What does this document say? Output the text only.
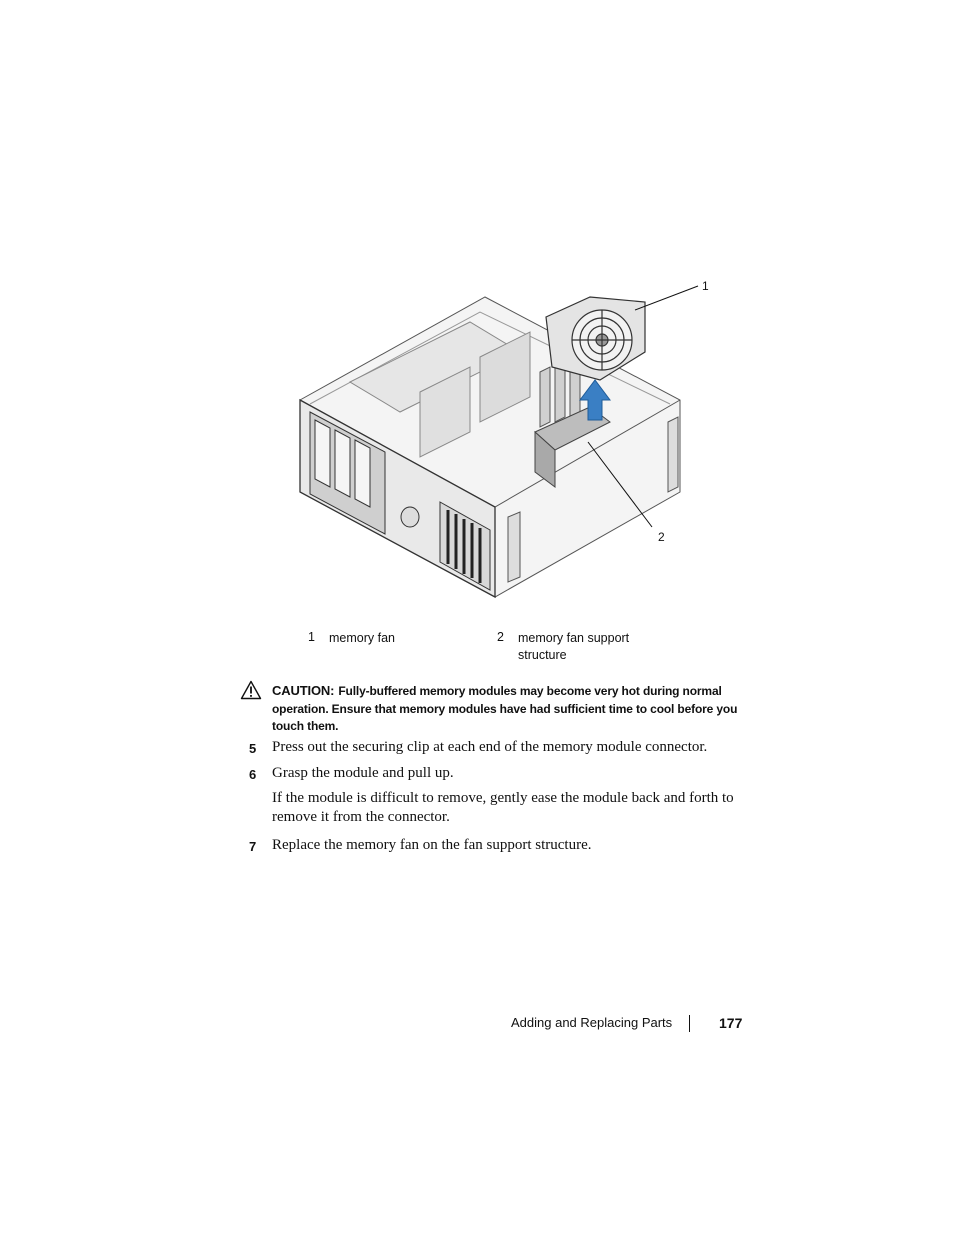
1
2
1 memory fan	2 memory fan support structure
CAUTION: Fully-buffered memory modules may become very hot during normal operation. Ensure that memory modules have had sufficient time to cool before you touch them.
5 Press out the securing clip at each end of the memory module connector.
6 Grasp the module and pull up.
If the module is difficult to remove, gently ease the module back and forth to remove it from the connector.
7 Replace the memory fan on the fan support structure.
Adding and Replacing Parts	177
